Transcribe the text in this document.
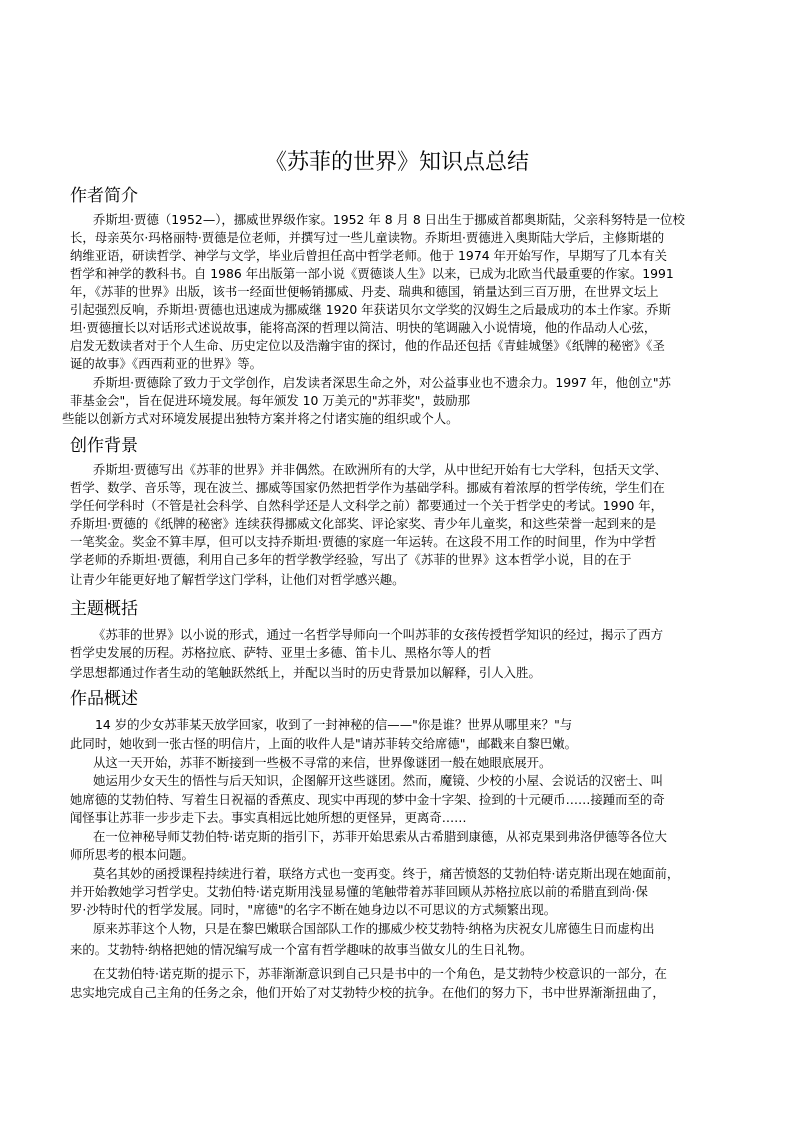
《苏菲的世界》知识点总结
作者简介

乔斯坦·贾德（1952—），挪威世界级作家。1952 年 8 月 8 日出生于挪威首都奥斯陆，父亲科努特是一位校

长，母亲英尔·玛格丽特·贾德是位老师，并撰写过一些儿童读物。乔斯坦·贾德进入奥斯陆大学后，主修斯堪的

纳维亚语，研读哲学、神学与文学，毕业后曾担任高中哲学老师。他于 1974 年开始写作，早期写了几本有关

哲学和神学的教科书。自 1986 年出版第一部小说《贾德谈人生》以来，已成为北欧当代最重要的作家。1991

年，《苏菲的世界》出版，该书一经面世便畅销挪威、丹麦、瑞典和德国，销量达到三百万册，在世界文坛上

引起强烈反响，乔斯坦·贾德也迅速成为挪威继 1920 年获诺贝尔文学奖的汉姆生之后最成功的本土作家。乔斯

坦·贾德擅长以对话形式述说故事，能将高深的哲理以简洁、明快的笔调融入小说情境，他的作品动人心弦，

启发无数读者对于个人生命、历史定位以及浩瀚宇宙的探讨，他的作品还包括《青蛙城堡》《纸牌的秘密》《圣

诞的故事》《西西莉亚的世界》等。

乔斯坦·贾德除了致力于文学创作，启发读者深思生命之外，对公益事业也不遗余力。1997 年，他创立"苏

菲基金会"，旨在促进环境发展。每年颁发 10 万美元的"苏菲奖"，鼓励那

些能以创新方式对环境发展提出独特方案并将之付诸实施的组织或个人。

创作背景

乔斯坦·贾德写出《苏菲的世界》并非偶然。在欧洲所有的大学，从中世纪开始有七大学科，包括天文学、

哲学、数学、音乐等，现在波兰、挪威等国家仍然把哲学作为基础学科。挪威有着浓厚的哲学传统，学生们在

学任何学科时（不管是社会科学、自然科学还是人文科学之前）都要通过一个关于哲学史的考试。1990 年，

乔斯坦·贾德的《纸牌的秘密》连续获得挪威文化部奖、评论家奖、青少年儿童奖，和这些荣誉一起到来的是

一笔奖金。奖金不算丰厚，但可以支持乔斯坦·贾德的家庭一年运转。在这段不用工作的时间里，作为中学哲

学老师的乔斯坦·贾德，利用自己多年的哲学教学经验，写出了《苏菲的世界》这本哲学小说，目的在于

让青少年能更好地了解哲学这门学科，让他们对哲学感兴趣。

主题概括

《苏菲的世界》以小说的形式，通过一名哲学导师向一个叫苏菲的女孩传授哲学知识的经过，揭示了西方

哲学史发展的历程。苏格拉底、萨特、亚里士多德、笛卡儿、黑格尔等人的哲

学思想都通过作者生动的笔触跃然纸上，并配以当时的历史背景加以解释，引人入胜。

作品概述

14 岁的少女苏菲某天放学回家，收到了一封神秘的信——"你是谁？世界从哪里来？"与

此同时，她收到一张古怪的明信片，上面的收件人是"请苏菲转交给席德"，邮戳来自黎巴嫩。

从这一天开始，苏菲不断接到一些极不寻常的来信，世界像谜团一般在她眼底展开。

她运用少女天生的悟性与后天知识，企图解开这些谜团。然而，魔镜、少校的小屋、会说话的汉密士、叫

她席德的艾勃伯特、写着生日祝福的香蕉皮、现实中再现的梦中金十字架、捡到的十元硬币……接踵而至的奇

闻怪事让苏菲一步步走下去。事实真相远比她所想的更怪异，更离奇……

在一位神秘导师艾勃伯特·诺克斯的指引下，苏菲开始思索从古希腊到康德，从祁克果到弗洛伊德等各位大

师所思考的根本问题。

莫名其妙的函授课程持续进行着，联络方式也一变再变。终于，痛苦愤怒的艾勃伯特·诺克斯出现在她面前，

并开始教她学习哲学史。艾勃伯特·诺克斯用浅显易懂的笔触带着苏菲回顾从苏格拉底以前的希腊直到尚·保

罗·沙特时代的哲学发展。同时，"席德"的名字不断在她身边以不可思议的方式频繁出现。

原来苏菲这个人物，只是在黎巴嫩联合国部队工作的挪威少校艾勃特·纳格为庆祝女儿席德生日而虚构出

来的。艾勃特·纳格把她的情况编写成一个富有哲学趣味的故事当做女儿的生日礼物。

在艾勃伯特·诺克斯的提示下，苏菲渐渐意识到自己只是书中的一个角色，是艾勃特少校意识的一部分，在

忠实地完成自己主角的任务之余，他们开始了对艾勃特少校的抗争。在他们的努力下，书中世界渐渐扭曲了，
